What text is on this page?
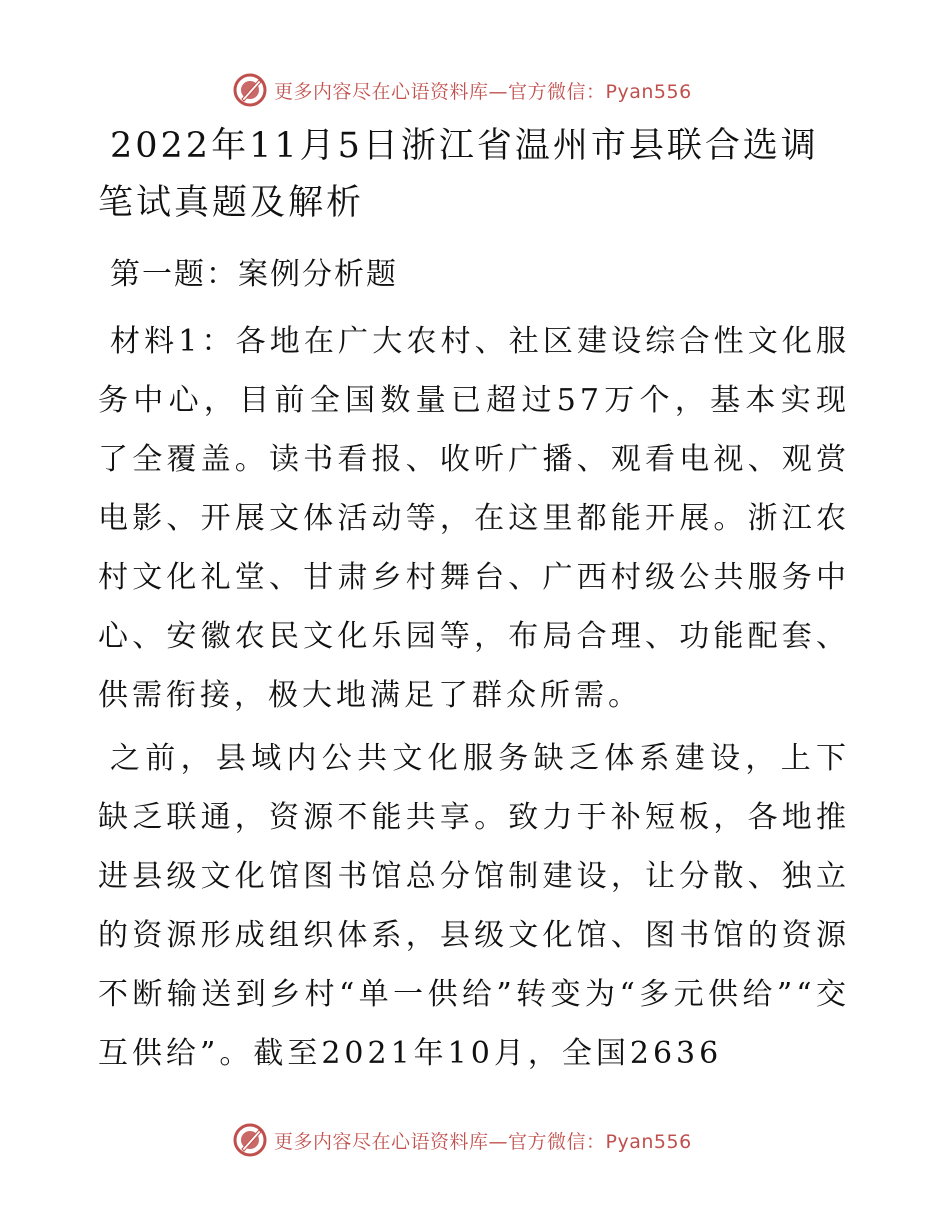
更多内容尽在心语资料库—官方微信：Pyan556
2022年11月5日浙江省温州市县联合选调笔试真题及解析
第一题：案例分析题
材料1：各地在广大农村、社区建设综合性文化服务中心，目前全国数量已超过57万个，基本实现了全覆盖。读书看报、收听广播、观看电视、观赏电影、开展文体活动等，在这里都能开展。浙江农村文化礼堂、甘肃乡村舞台、广西村级公共服务中心、安徽农民文化乐园等，布局合理、功能配套、供需衔接，极大地满足了群众所需。
之前，县域内公共文化服务缺乏体系建设，上下缺乏联通，资源不能共享。致力于补短板，各地推进县级文化馆图书馆总分馆制建设，让分散、独立的资源形成组织体系，县级文化馆、图书馆的资源不断输送到乡村“单一供给”转变为“多元供给”“交互供给”。截至2021年10月，全国2636
更多内容尽在心语资料库—官方微信：Pyan556
